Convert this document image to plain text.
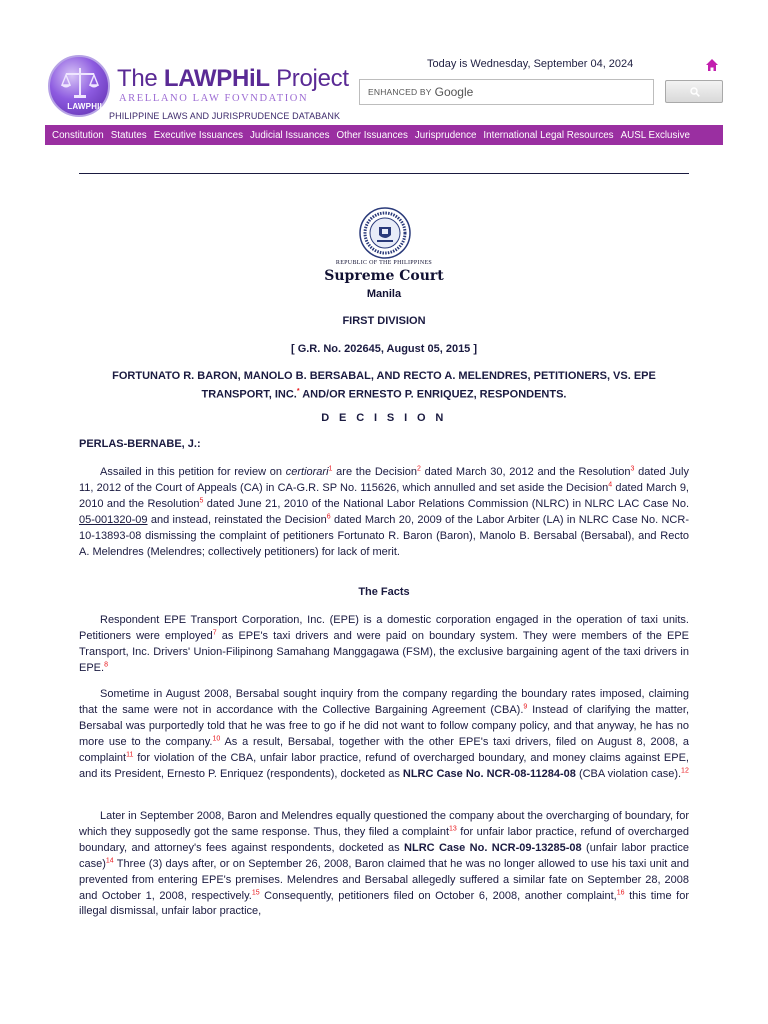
LAWPHIL
The LAWPHiL Project
ARELLANO LAW FOVNDATION
PHILIPPINE LAWS AND JURISPRUDENCE DATABANK
Today is Wednesday, September 04, 2024
ENHANCED BY Google
Constitution Statutes Executive Issuances Judicial Issuances Other Issuances Jurisprudence International Legal Resources AUSL Exclusive
REPUBLIC OF THE PHILIPPINES
Supreme Court
Manila
FIRST DIVISION
[ G.R. No. 202645, August 05, 2015 ]
FORTUNATO R. BARON, MANOLO B. BERSABAL, AND RECTO A. MELENDRES, PETITIONERS, VS. EPE TRANSPORT, INC.* AND/OR ERNESTO P. ENRIQUEZ, RESPONDENTS.
D E C I S I O N
PERLAS-BERNABE, J.:

Assailed in this petition for review on certiorari$^1$ are the Decision$^2$ dated March 30, 2012 and the Resolution$^3$ dated July 11, 2012 of the Court of Appeals (CA) in CA-G.R. SP No. 115626, which annulled and set aside the Decision$^4$ dated March 9, 2010 and the Resolution$^5$ dated June 21, 2010 of the National Labor Relations Commission (NLRC) in NLRC LAC Case No. 05-001320-09 and instead, reinstated the Decision$^6$ dated March 20, 2009 of the Labor Arbiter (LA) in NLRC Case No. NCR-10-13893-08 dismissing the complaint of petitioners Fortunato R. Baron (Baron), Manolo B. Bersabal (Bersabal), and Recto A. Melendres (Melendres; collectively petitioners) for lack of merit.

The Facts

Respondent EPE Transport Corporation, Inc. (EPE) is a domestic corporation engaged in the operation of taxi units. Petitioners were employed$^7$ as EPE's taxi drivers and were paid on boundary system. They were members of the EPE Transport, Inc. Drivers' Union-Filipinong Samahang Manggagawa (FSM), the exclusive bargaining agent of the taxi drivers in EPE.$^8$

Sometime in August 2008, Bersabal sought inquiry from the company regarding the boundary rates imposed, claiming that the same were not in accordance with the Collective Bargaining Agreement (CBA).$^9$ Instead of clarifying the matter, Bersabal was purportedly told that he was free to go if he did not want to follow company policy, and that anyway, he has no more use to the company.$^{10}$ As a result, Bersabal, together with the other EPE's taxi drivers, filed on August 8, 2008, a complaint$^{11}$ for violation of the CBA, unfair labor practice, refund of overcharged boundary, and money claims against EPE, and its President, Ernesto P. Enriquez (respondents), docketed as NLRC Case No. NCR-08-11284-08 (CBA violation case).$^{12}$

Later in September 2008, Baron and Melendres equally questioned the company about the overcharging of boundary, for which they supposedly got the same response. Thus, they filed a complaint$^{13}$ for unfair labor practice, refund of overcharged boundary, and attorney's fees against respondents, docketed as NLRC Case No. NCR-09-13285-08 (unfair labor practice case)$^{14}$ Three (3) days after, or on September 26, 2008, Baron claimed that he was no longer allowed to use his taxi unit and prevented from entering EPE's premises. Melendres and Bersabal allegedly suffered a similar fate on September 28, 2008 and October 1, 2008, respectively.$^{15}$ Consequently, petitioners filed on October 6, 2008, another complaint,$^{16}$ this time for illegal dismissal, unfair labor practice,
